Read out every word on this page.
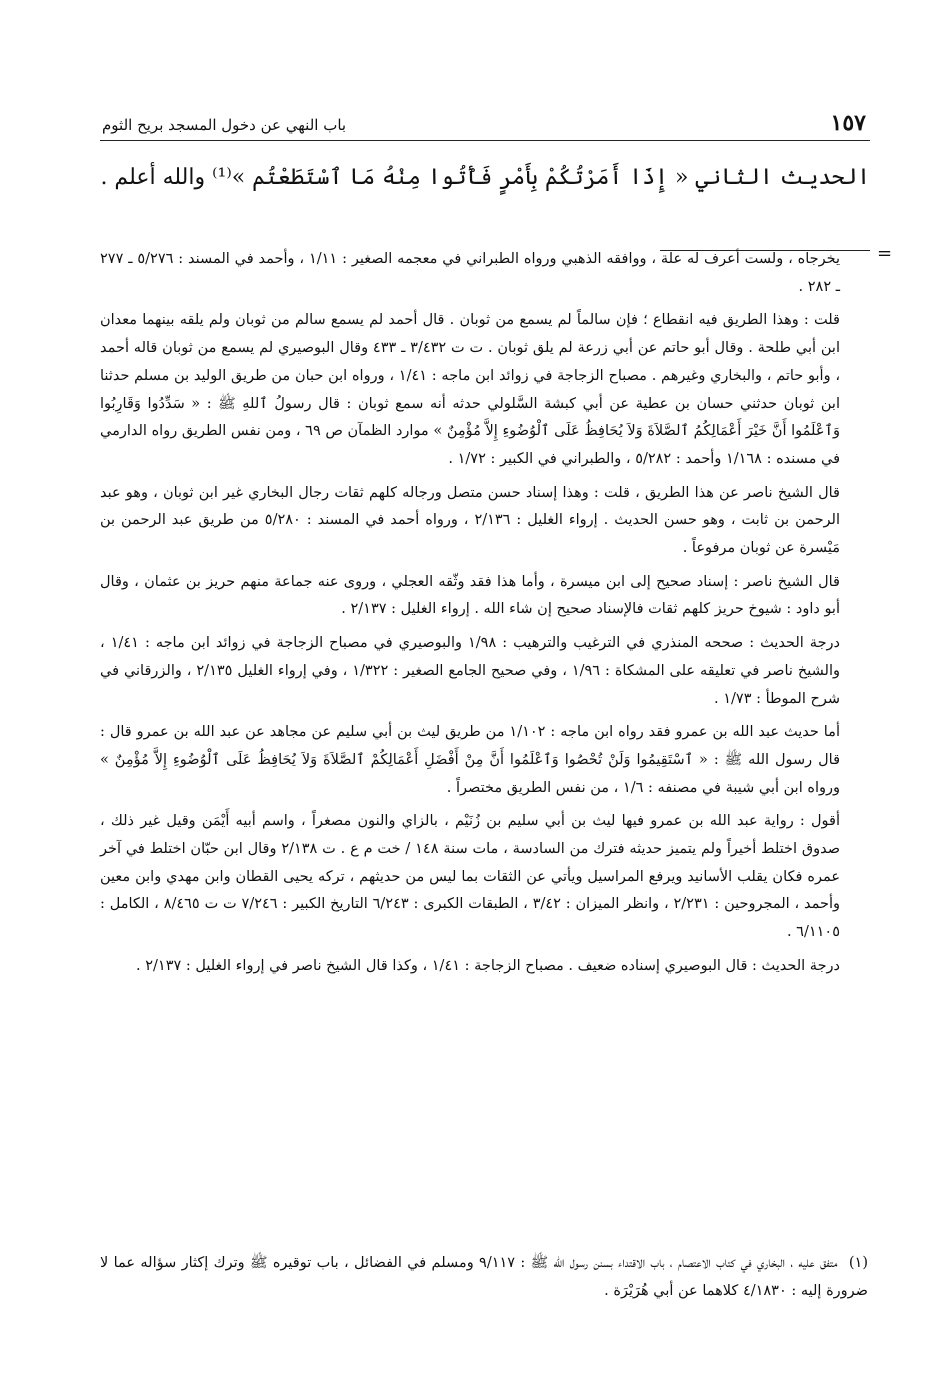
١٥٧
باب النهي عن دخول المسجد بريح الثوم
الحديث الثاني « إِذَا أَمَرْتُكُمْ بِأَمْرٍ فَأْتُوا مِنْهُ مَا ٱسْتَطَعْتُم »⁽¹⁾ والله أعلم .
=

يخرجاه ، ولست أعرف له علة ، ووافقه الذهبي ورواه الطبراني في معجمه الصغير : ١/١١ ، وأحمد في المسند : ٥/٢٧٦ ـ ٢٧٧ ـ ٢٨٢ .

قلت : وهذا الطريق فيه انقطاع ؛ فإن سالماً لم يسمع من ثوبان . قال أحمد لم يسمع سالم من ثوبان ولم يلقه بينهما معدان ابن أبي طلحة . وقال أبو حاتم عن أبي زرعة لم يلق ثوبان . ت ت ٣/٤٣٢ ـ ٤٣٣ وقال البوصيري لم يسمع من ثوبان قاله أحمد ، وأبو حاتم ، والبخاري وغيرهم . مصباح الزجاجة في زوائد ابن ماجه : ١/٤١ ، ورواه ابن حبان من طريق الوليد بن مسلم حدثنا ابن ثوبان حدثني حسان بن عطية عن أبي كبشة السَّلولي حدثه أنه سمع ثوبان : قال رسولُ ٱللهِ ﷺ : « سَدِّدُوا وَقَارِبُوا وَٱعْلَمُوا أَنَّ خَيْرَ أَعْمَالِكُمُ ٱلصَّلاَةَ وَلاَ يُحَافِظُ عَلَى ٱلْوُضُوءِ إِلاَّ مُؤْمِنٌ » موارد الظمآن ص ٦٩ ، ومن نفس الطريق رواه الدارمي في مسنده : ١/١٦٨ وأحمد : ٥/٢٨٢ ، والطبراني في الكبير : ١/٧٢ .

قال الشيخ ناصر عن هذا الطريق ، قلت : وهذا إسناد حسن متصل ورجاله كلهم ثقات رجال البخاري غير ابن ثوبان ، وهو عبد الرحمن بن ثابت ، وهو حسن الحديث . إرواء الغليل : ٢/١٣٦ ، ورواه أحمد في المسند : ٥/٢٨٠ من طريق عبد الرحمن بن مَيْسرة عن ثوبان مرفوعاً .

قال الشيخ ناصر : إسناد صحيح إلى ابن ميسرة ، وأما هذا فقد وثّقه العجلي ، وروى عنه جماعة منهم حريز بن عثمان ، وقال أبو داود : شيوخ حريز كلهم ثقات فالإسناد صحيح إن شاء الله . إرواء الغليل : ٢/١٣٧ .

درجة الحديث : صححه المنذري في الترغيب والترهيب : ١/٩٨ والبوصيري في مصباح الزجاجة في زوائد ابن ماجه : ١/٤١ ، والشيخ ناصر في تعليقه على المشكاة : ١/٩٦ ، وفي صحيح الجامع الصغير : ١/٣٢٢ ، وفي إرواء الغليل ٢/١٣٥ ، والزرقاني في شرح الموطأ : ١/٧٣ .

أما حديث عبد الله بن عمرو فقد رواه ابن ماجه : ١/١٠٢ من طريق ليث بن أبي سليم عن مجاهد عن عبد الله بن عمرو قال : قال رسول الله ﷺ : « ٱسْتَقِيمُوا وَلَنْ تُحْصُوا وَٱعْلَمُوا أَنَّ مِنْ أَفْضَلِ أَعْمَالِكُمْ ٱلصَّلاَةَ وَلاَ يُحَافِظُ عَلَى ٱلْوُضُوءِ إِلاَّ مُؤْمِنٌ » ورواه ابن أبي شيبة في مصنفه : ١/٦ ، من نفس الطريق مختصراً .

أقول : رواية عبد الله بن عمرو فيها ليث بن أبي سليم بن زُنَيْم ، بالزاي والنون مصغراً ، واسم أبيه أَيْمَن وقيل غير ذلك ، صدوق اختلط أخيراً ولم يتميز حديثه فترك من السادسة ، مات سنة ١٤٨ / خت م ع . ت ٢/١٣٨ وقال ابن حبّان اختلط في آخر عمره فكان يقلب الأسانيد ويرفع المراسيل ويأتي عن الثقات بما ليس من حديثهم ، تركه يحيى القطان وابن مهدي وابن معين وأحمد ، المجروحين : ٢/٢٣١ ، وانظر الميزان : ٣/٤٢ ، الطبقات الكبرى : ٦/٢٤٣ التاريخ الكبير : ٧/٢٤٦ ت ت ٨/٤٦٥ ، الكامل : ٦/١١٠٥ .

درجة الحديث : قال البوصيري إسناده ضعيف . مصباح الزجاجة : ١/٤١ ، وكذا قال الشيخ ناصر في إرواء الغليل : ٢/١٣٧ .

(١) متفق عليه ، البخاري في كتاب الاعتصام ، باب الاقتداء بسنن رسول الله ﷺ : ٩/١١٧ ومسلم في الفضائل ، باب توقيره ﷺ وترك إكثار سؤاله عما لا ضرورة إليه : ٤/١٨٣٠ كلاهما عن أبي هُرَيْرَة .
